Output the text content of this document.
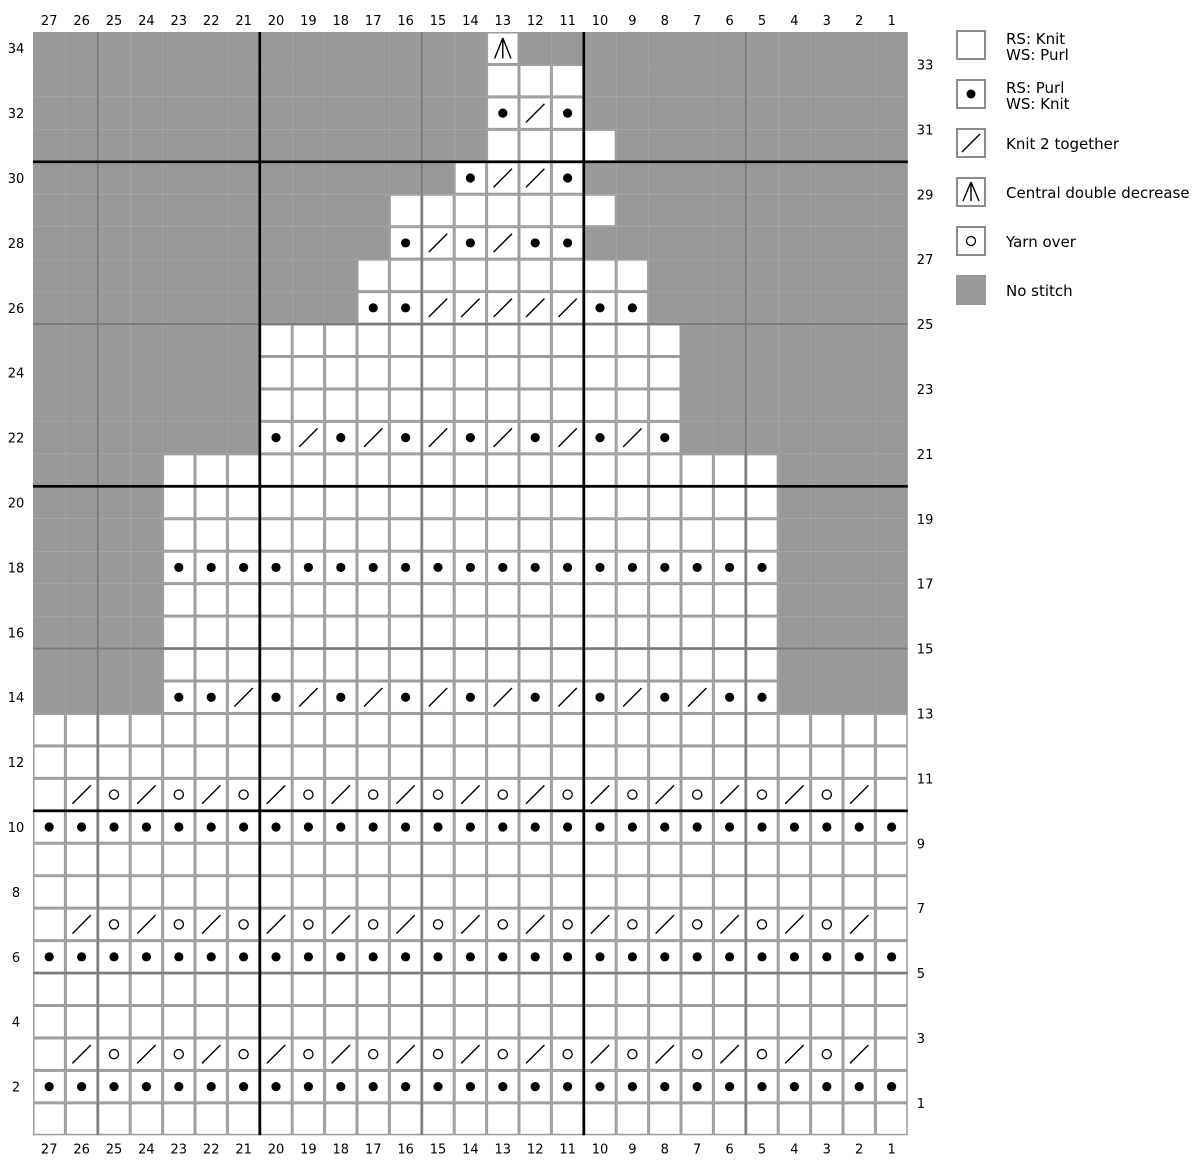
27 26 25 24 23 22 21 20 19 18 17 16 15 14 13 12 11 10 9 8 7 6 5 4 3 2 1
27 26 25 24 23 22 21 20 19 18 17 16 15 14 13 12 11 10 9 8 7 6 5 4 3 2 1
34
32
30
28
26
24
22
20
18
16
14
12
10
8
6
4
2
33
31
29
27
25
23
21
19
17
15
13
11
9
7
5
3
1
RS: Knit
WS: Purl
RS: Purl
WS: Knit
Knit 2 together
Central double decrease
Yarn over
No stitch
